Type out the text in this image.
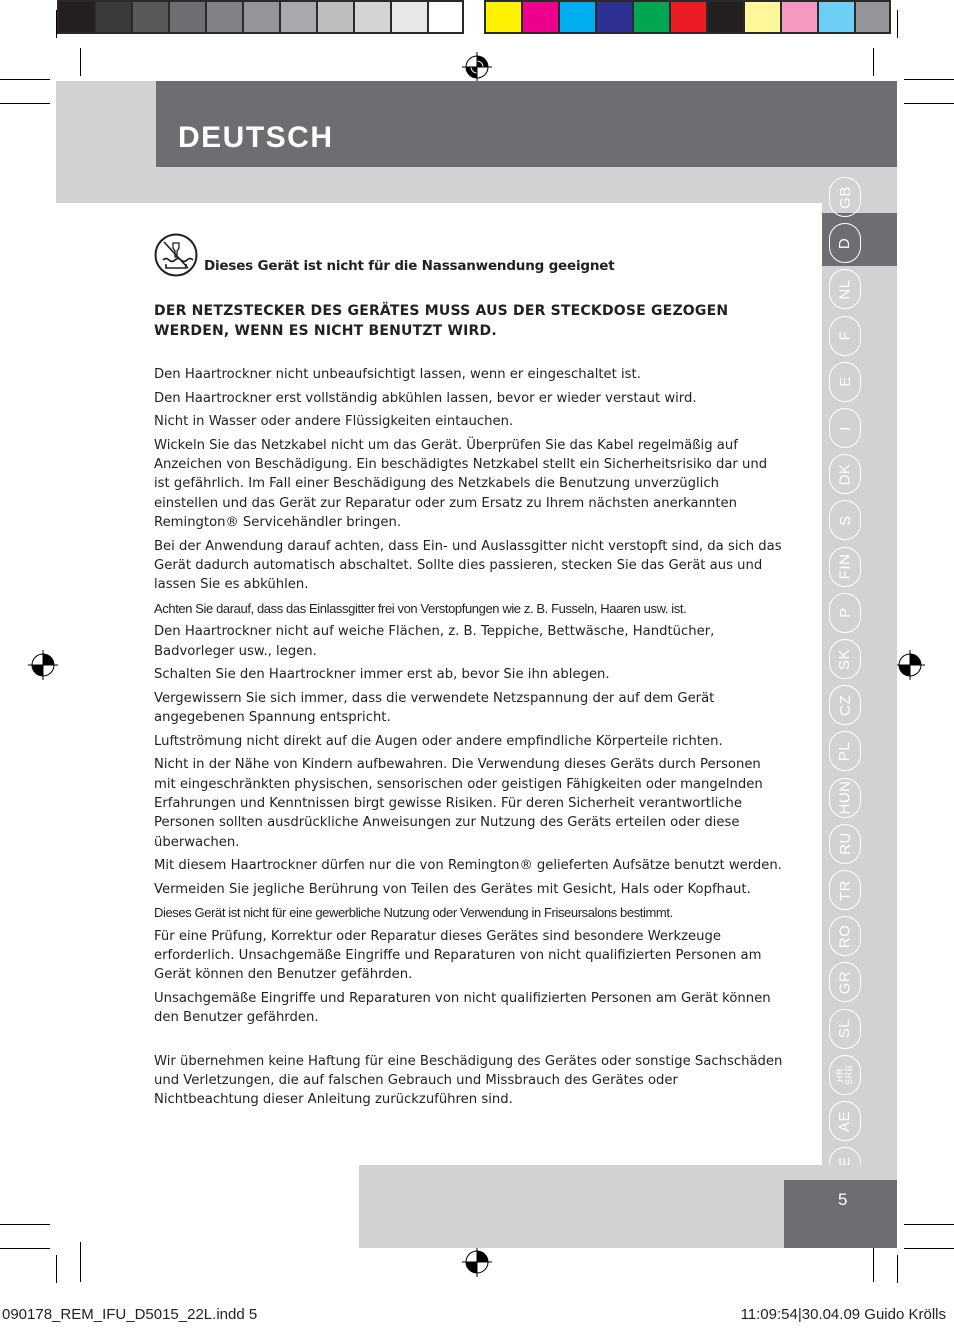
DEUTSCH
GB
D
NL
F
E
I
DK
S
FIN
P
SK
CZ
PL
HUN
RU
TR
RO
GR
SL
HR
SRB
AE
Dieses Gerät ist nicht für die Nassanwendung geeignet
DER NETZSTECKER DES GERÄTES MUSS AUS DER STECKDOSE GEZOGEN WERDEN, WENN ES NICHT BENUTZT WIRD.

Den Haartrockner nicht unbeaufsichtigt lassen, wenn er eingeschaltet ist.

Den Haartrockner erst vollständig abkühlen lassen, bevor er wieder verstaut wird.

Nicht in Wasser oder andere Flüssigkeiten eintauchen.

Wickeln Sie das Netzkabel nicht um das Gerät. Überprüfen Sie das Kabel regelmäßig auf Anzeichen von Beschädigung. Ein beschädigtes Netzkabel stellt ein Sicherheitsrisiko dar und ist gefährlich. Im Fall einer Beschädigung des Netzkabels die Benutzung unverzüglich einstellen und das Gerät zur Reparatur oder zum Ersatz zu Ihrem nächsten anerkannten Remington® Servicehändler bringen.

Bei der Anwendung darauf achten, dass Ein- und Auslassgitter nicht verstopft sind, da sich das Gerät dadurch automatisch abschaltet. Sollte dies passieren, stecken Sie das Gerät aus und lassen Sie es abkühlen.

Achten Sie darauf, dass das Einlassgitter frei von Verstopfungen wie z. B. Fusseln, Haaren usw. ist.

Den Haartrockner nicht auf weiche Flächen, z. B. Teppiche, Bettwäsche, Handtücher, Badvorleger usw., legen.

Schalten Sie den Haartrockner immer erst ab, bevor Sie ihn ablegen.

Vergewissern Sie sich immer, dass die verwendete Netzspannung der auf dem Gerät angegebenen Spannung entspricht.

Luftströmung nicht direkt auf die Augen oder andere empfindliche Körperteile richten.

Nicht in der Nähe von Kindern aufbewahren. Die Verwendung dieses Geräts durch Personen mit eingeschränkten physischen, sensorischen oder geistigen Fähigkeiten oder mangelnden Erfahrungen und Kenntnissen birgt gewisse Risiken. Für deren Sicherheit verantwortliche Personen sollten ausdrückliche Anweisungen zur Nutzung des Geräts erteilen oder diese überwachen.

Mit diesem Haartrockner dürfen nur die von Remington® gelieferten Aufsätze benutzt werden.

Vermeiden Sie jegliche Berührung von Teilen des Gerätes mit Gesicht, Hals oder Kopfhaut.

Dieses Gerät ist nicht für eine gewerbliche Nutzung oder Verwendung in Friseursalons bestimmt.

Für eine Prüfung, Korrektur oder Reparatur dieses Gerätes sind besondere Werkzeuge erforderlich. Unsachgemäße Eingriffe und Reparaturen von nicht qualifizierten Personen am Gerät können den Benutzer gefährden.

Unsachgemäße Eingriffe und Reparaturen von nicht qualifizierten Personen am Gerät können den Benutzer gefährden.

Wir übernehmen keine Haftung für eine Beschädigung des Gerätes oder sonstige Sachschäden und Verletzungen, die auf falschen Gebrauch und Missbrauch des Gerätes oder Nichtbeachtung dieser Anleitung zurückzuführen sind.

5
090178_REM_IFU_D5015_22L.indd 5	11:09:54|30.04.09 Guido Krölls
